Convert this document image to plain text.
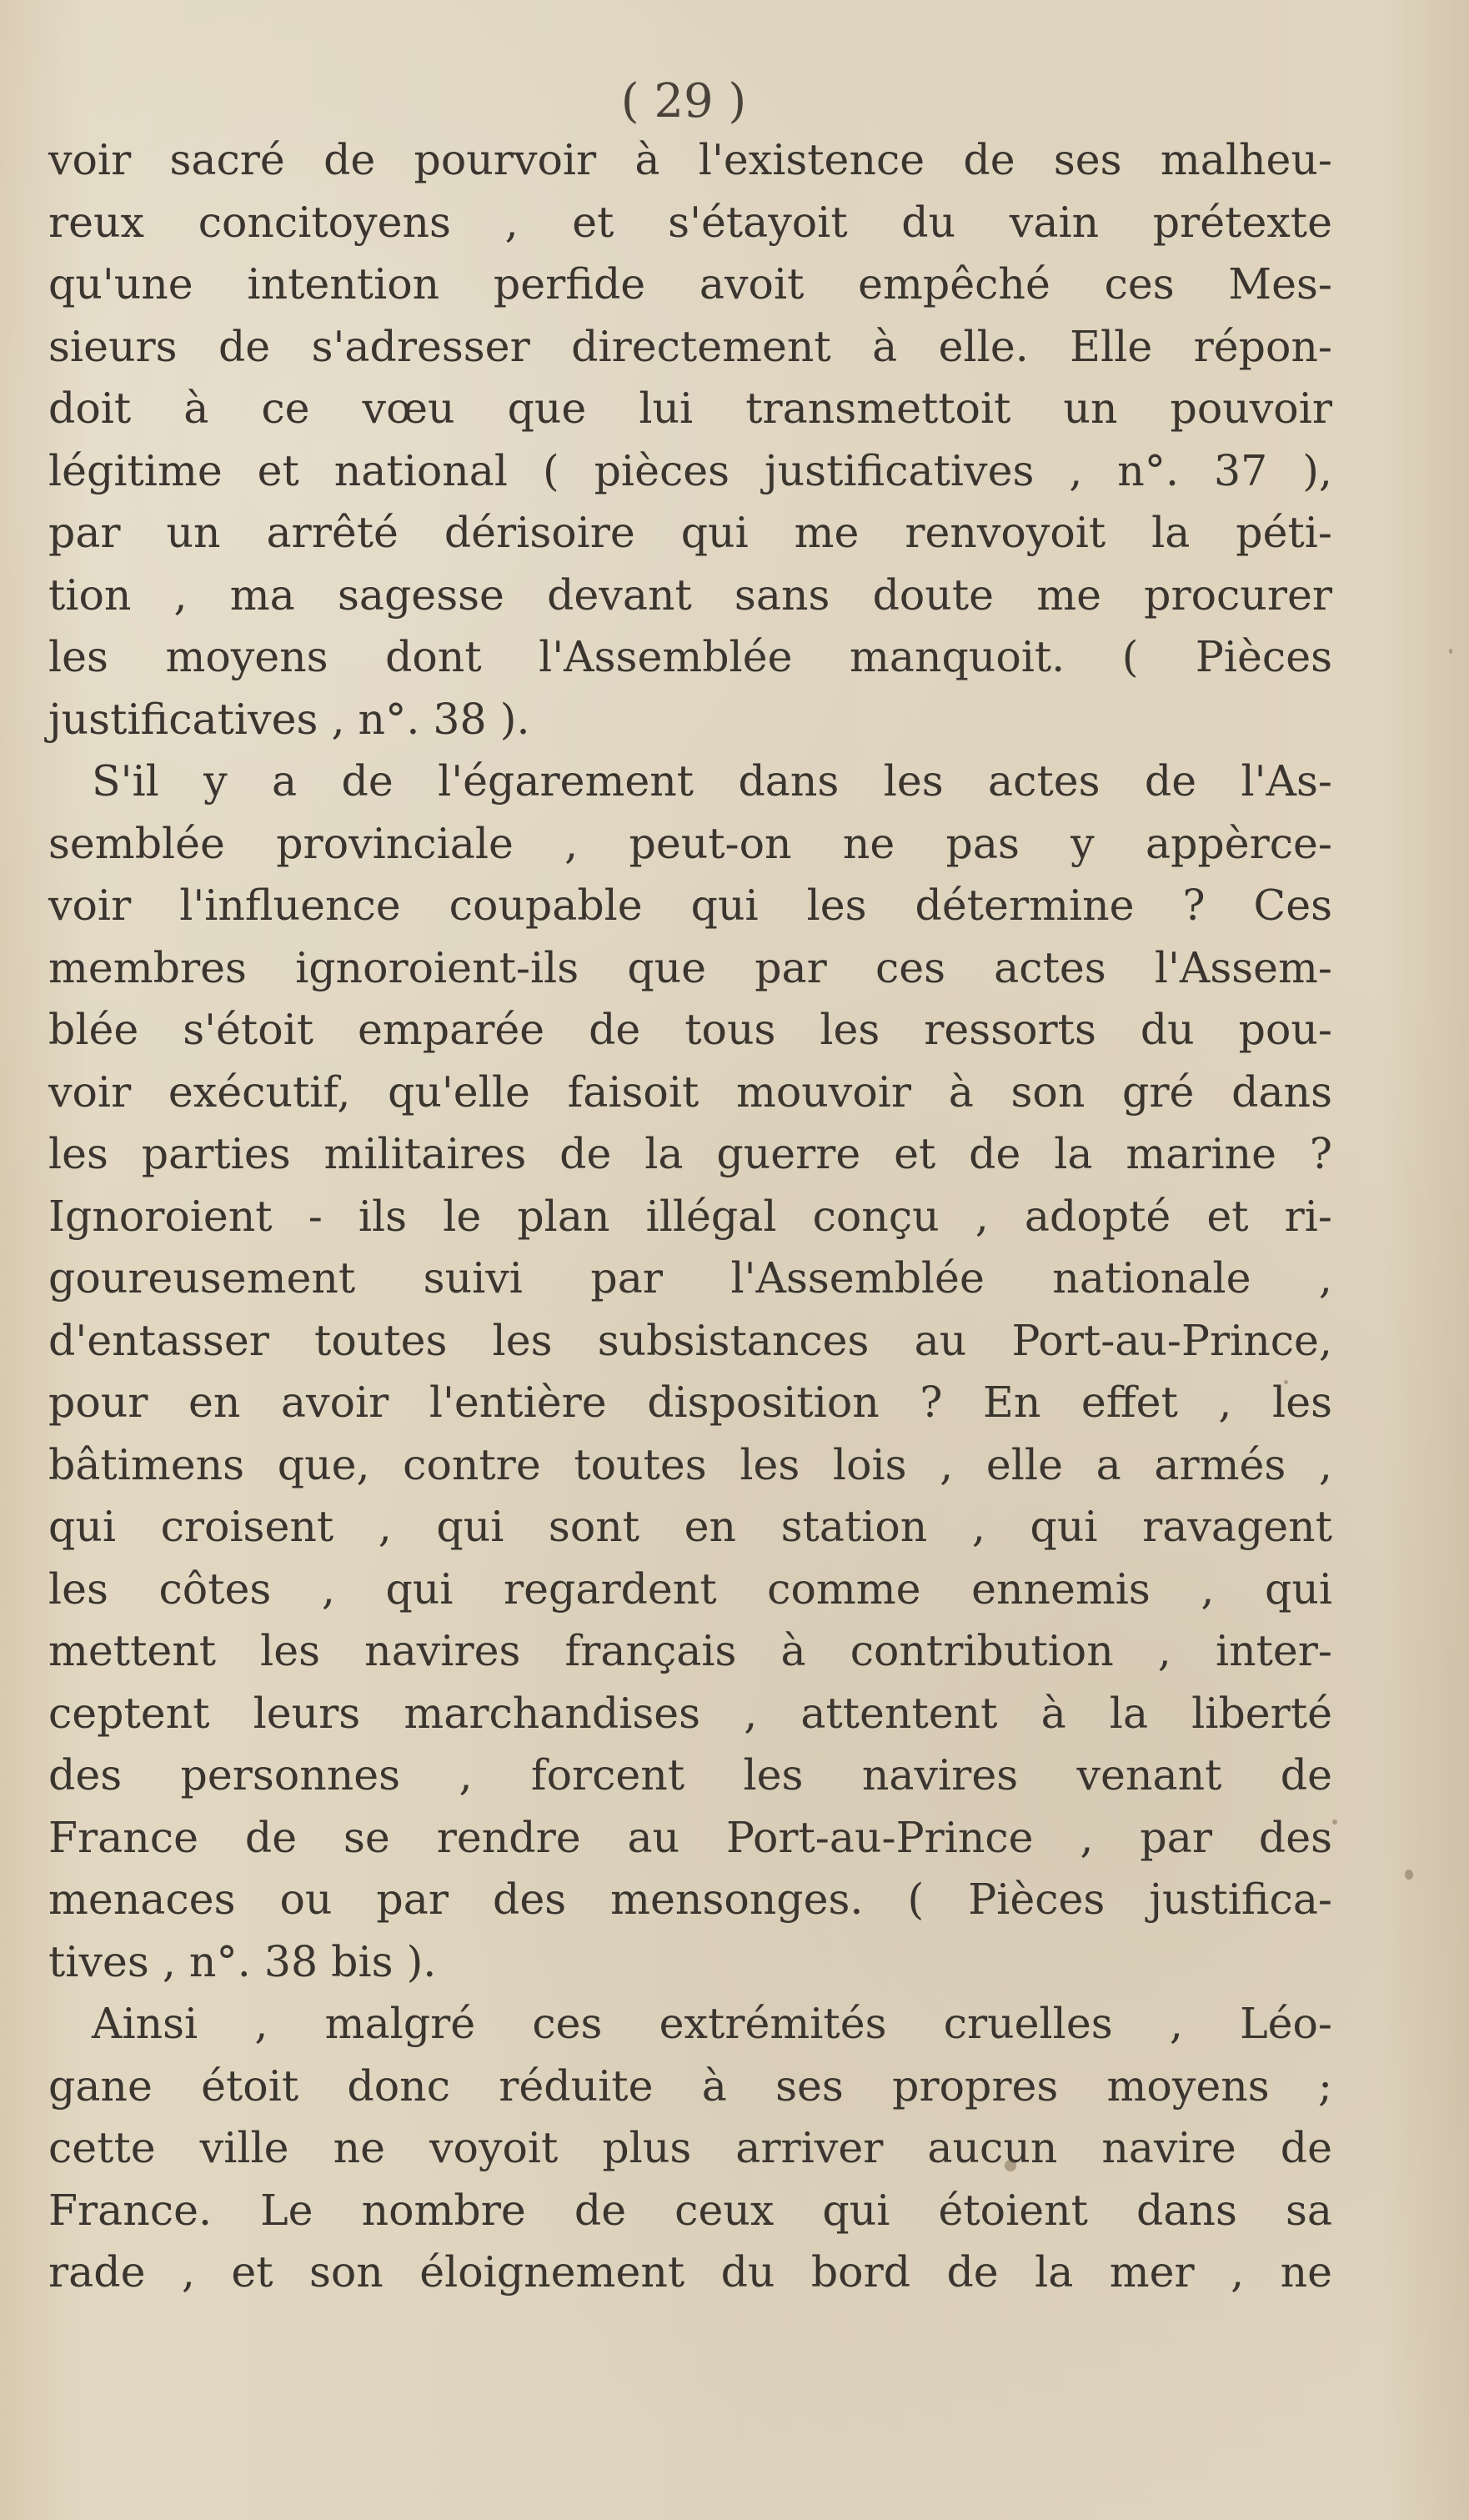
( 29 )
voir sacré de pourvoir à l'existence de ses malheu-
reux concitoyens , et s'étayoit du vain prétexte
qu'une intention perfide avoit empêché ces Mes-
sieurs de s'adresser directement à elle. Elle répon-
doit à ce vœu que lui transmettoit un pouvoir
légitime et national ( pièces justificatives , n°. 37 ),
par un arrêté dérisoire qui me renvoyoit la péti-
tion , ma sagesse devant sans doute me procurer
les moyens dont l'Assemblée manquoit. ( Pièces
justificatives , n°. 38 ).
S'il y a de l'égarement dans les actes de l'As-
semblée provinciale , peut-on ne pas y appèrce-
voir l'influence coupable qui les détermine ? Ces
membres ignoroient-ils que par ces actes l'Assem-
blée s'étoit emparée de tous les ressorts du pou-
voir exécutif, qu'elle faisoit mouvoir à son gré dans
les parties militaires de la guerre et de la marine ?
Ignoroient - ils le plan illégal conçu , adopté et ri-
goureusement suivi par l'Assemblée nationale ,
d'entasser toutes les subsistances au Port-au-Prince,
pour en avoir l'entière disposition ? En effet , les
bâtimens que, contre toutes les lois , elle a armés ,
qui croisent , qui sont en station , qui ravagent
les côtes , qui regardent comme ennemis , qui
mettent les navires français à contribution , inter-
ceptent leurs marchandises , attentent à la liberté
des personnes , forcent les navires venant de
France de se rendre au Port-au-Prince , par des
menaces ou par des mensonges. ( Pièces justifica-
tives , n°. 38 bis ).
Ainsi , malgré ces extrémités cruelles , Léo-
gane étoit donc réduite à ses propres moyens ;
cette ville ne voyoit plus arriver aucun navire de
France. Le nombre de ceux qui étoient dans sa
rade , et son éloignement du bord de la mer , ne
